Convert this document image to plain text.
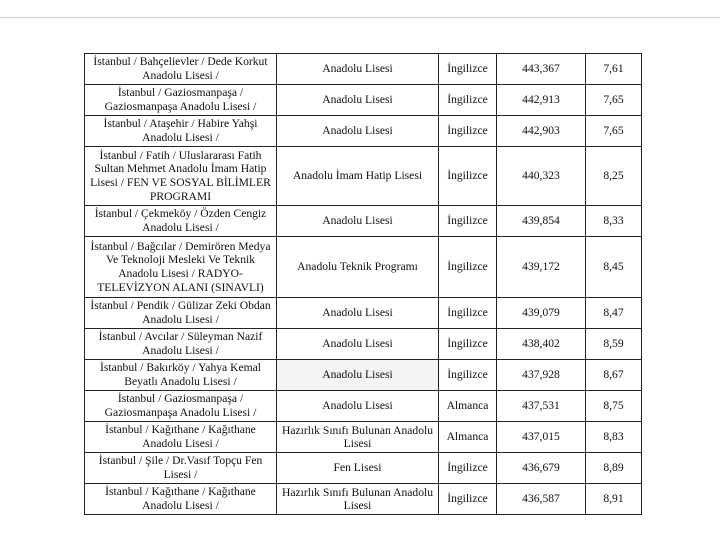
İstanbul / Bahçelievler / Dede Korkut Anadolu Lisesi /	Anadolu Lisesi	İngilizce	443,367	7,61
İstanbul / Gaziosmanpaşa / Gaziosmanpaşa Anadolu Lisesi /	Anadolu Lisesi	İngilizce	442,913	7,65
İstanbul / Ataşehir / Habire Yahşi Anadolu Lisesi /	Anadolu Lisesi	İngilizce	442,903	7,65
İstanbul / Fatih / Uluslararası Fatih Sultan Mehmet Anadolu İmam Hatip Lisesi / FEN VE SOSYAL BİLİMLER PROGRAMI	Anadolu İmam Hatip Lisesi	İngilizce	440,323	8,25
İstanbul / Çekmeköy / Özden Cengiz Anadolu Lisesi /	Anadolu Lisesi	İngilizce	439,854	8,33
İstanbul / Bağcılar / Demirören Medya Ve Teknoloji Mesleki Ve Teknik Anadolu Lisesi / RADYO-TELEVİZYON ALANI (SINAVLI)	Anadolu Teknik Programı	İngilizce	439,172	8,45
İstanbul / Pendik / Gülizar Zeki Obdan Anadolu Lisesi /	Anadolu Lisesi	İngilizce	439,079	8,47
İstanbul / Avcılar / Süleyman Nazif Anadolu Lisesi /	Anadolu Lisesi	İngilizce	438,402	8,59
İstanbul / Bakırköy / Yahya Kemal Beyatlı Anadolu Lisesi /	Anadolu Lisesi	İngilizce	437,928	8,67
İstanbul / Gaziosmanpaşa / Gaziosmanpaşa Anadolu Lisesi /	Anadolu Lisesi	Almanca	437,531	8,75
İstanbul / Kağıthane / Kağıthane Anadolu Lisesi /	Hazırlık Sınıfı Bulunan Anadolu Lisesi	Almanca	437,015	8,83
İstanbul / Şile / Dr.Vasıf Topçu Fen Lisesi /	Fen Lisesi	İngilizce	436,679	8,89
İstanbul / Kağıthane / Kağıthane Anadolu Lisesi /	Hazırlık Sınıfı Bulunan Anadolu Lisesi	İngilizce	436,587	8,91
